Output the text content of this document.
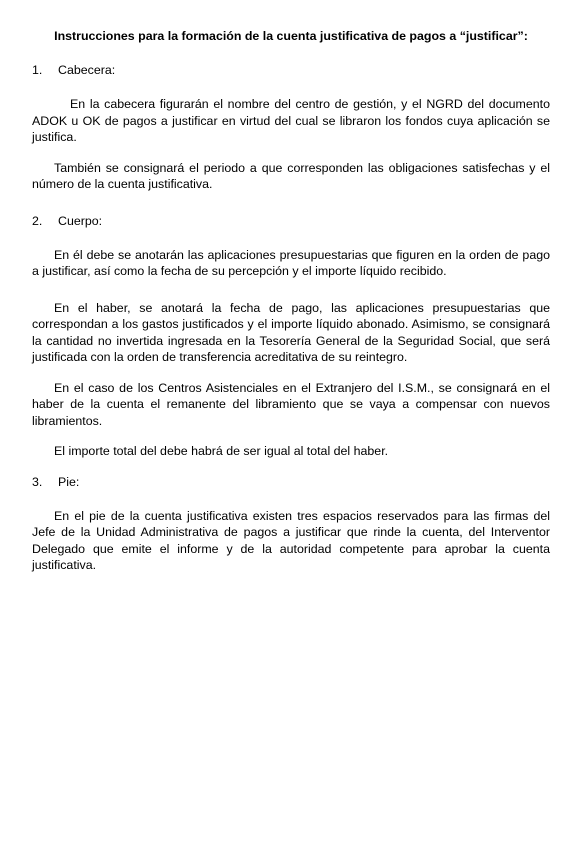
Instrucciones para la formación de la cuenta justificativa de pagos a “justificar”:
1.	Cabecera:

En la cabecera figurarán el nombre del centro de gestión, y el NGRD del documento ADOK u OK de pagos a justificar en virtud del cual se libraron los fondos cuya aplicación se justifica.

También se consignará el periodo a que corresponden las obligaciones satisfechas y el número de la cuenta justificativa.

2.	Cuerpo:

En él debe se anotarán las aplicaciones presupuestarias que figuren en la orden de pago a justificar, así como la fecha de su percepción y el importe líquido recibido.

En el haber, se anotará la fecha de pago, las aplicaciones presupuestarias que correspondan a los gastos justificados y el importe líquido abonado. Asimismo, se consignará la cantidad no invertida ingresada en la Tesorería General de la Seguridad Social, que será justificada con la orden de transferencia acreditativa de su reintegro.

En el caso de los Centros Asistenciales en el Extranjero del I.S.M., se consignará en el haber de la cuenta el remanente del libramiento que se vaya a compensar con nuevos libramientos.

El importe total del debe habrá de ser igual al total del haber.

3.	Pie:

En el pie de la cuenta justificativa existen tres espacios reservados para las firmas del Jefe de la Unidad Administrativa de pagos a justificar que rinde la cuenta, del Interventor Delegado que emite el informe y de la autoridad competente para aprobar la cuenta justificativa.
